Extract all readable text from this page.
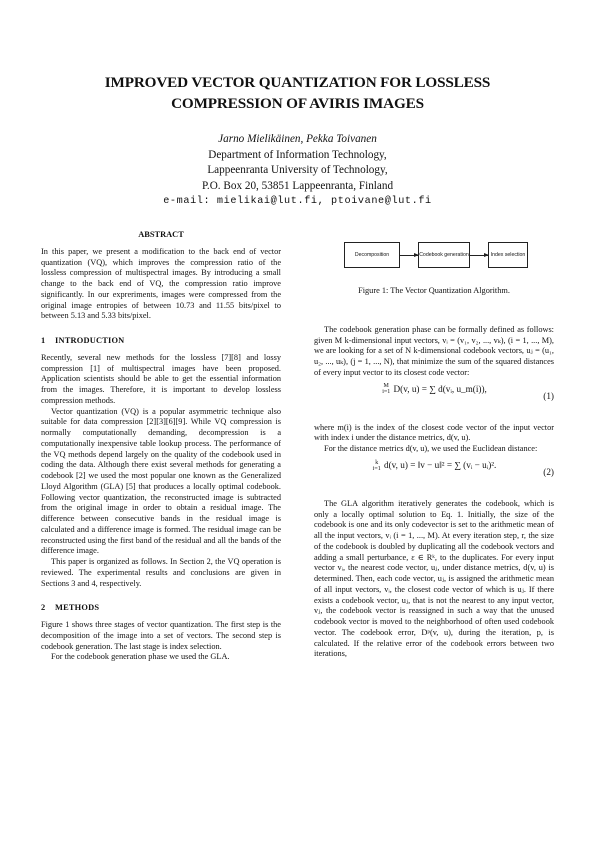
IMPROVED VECTOR QUANTIZATION FOR LOSSLESS
COMPRESSION OF AVIRIS IMAGES
Jarno Mielikäinen, Pekka Toivanen
Department of Information Technology,
Lappeenranta University of Technology,
P.O. Box 20, 53851 Lappeenranta, Finland
e-mail: mielikai@lut.fi, ptoivane@lut.fi
ABSTRACT

In this paper, we present a modification to the back end of vector quantization (VQ), which improves the compression ratio of the lossless compression of multispectral images. By introducing a small change to the back end of VQ, the compression ratio improve significantly. In our expreriments, images were compressed from the original image entropies of between 10.73 and 11.55 bits/pixel to between 5.13 and 5.33 bits/pixel.

1 INTRODUCTION

Recently, several new methods for the lossless [7][8] and lossy compression [1] of multispectral images have been proposed. Application scientists should be able to get the essential information from the images. Therefore, it is important to develop lossless compression methods.

Vector quantization (VQ) is a popular asymmetric technique also suitable for data compression [2][3][6][9]. While VQ compression is normally computationally demanding, decompression is a computationally inexpensive table lookup process. The performance of the VQ methods depend largely on the quality of the codebook used in coding the data. Although there exist several methods for generating a codebook [2] we used the most popular one known as the Generalized Lloyd Algorithm (GLA) [5] that produces a locally optimal codebook. Following vector quantization, the reconstructed image is subtracted from the original image in order to obtain a residual image. The difference between consecutive bands in the residual image is calculated and a difference image is formed. The residual image can be reconstructed using the first band of the residual and all the bands of the difference image.

This paper is organized as follows. In Section 2, the VQ operation is reviewed. The experimental results and conclusions are given in Sections 3 and 4, respectively.

2 METHODS

Figure 1 shows three stages of vector quantization. The first step is the decomposition of the image into a set of vectors. The second step is codebook generation. The last stage is index selection.

For the codebook generation phase we used the GLA.

Decomposition	Codebook generation	Index selection
Figure 1: The Vector Quantization Algorithm.

The codebook generation phase can be formally defined as follows: given M k-dimensional input vectors, vᵢ = (v₁, v₂, ..., vₖ), (i = 1, ..., M), we are looking for a set of N k-dimensional codebook vectors, uⱼ = (u₁, u₂, ..., uₖ), (j = 1, ..., N), that minimize the sum of the squared distances of every input vector to its closest code vector:

M
i=1 D(v, u) = ∑ d(vᵢ, u_m(i)),
(1)

where m(i) is the index of the closest code vector of the input vector with index i under the distance metrics, d(v, u).

For the distance metrics d(v, u), we used the Euclidean distance:

k
i=1 d(v, u) = ‖v − u‖² = ∑ (vᵢ − uᵢ)².
(2)

The GLA algorithm iteratively generates the codebook, which is only a locally optimal solution to Eq. 1. Initially, the size of the codebook is one and its only codevector is set to the arithmetic mean of all the input vectors, vᵢ (i = 1, ..., M). At every iteration step, r, the size of the codebook is doubled by duplicating all the codebook vectors and adding a small perturbance, ε ∈ Rᵏ, to the duplicates. For every input vector vᵢ, the nearest code vector, uⱼ, under distance metrics, d(v, u) is determined. Then, each code vector, uⱼ, is assigned the arithmetic mean of all input vectors, vᵢ, the closest code vector of which is uⱼ. If there exists a codebook vector, uⱼ, that is not the nearest to any input vector, vⱼ, the codebook vector is reassigned in such a way that the unused codebook vector is moved to the neighborhood of often used codebook vector. The codebook error, Dᵖ(v, u), during the iteration, p, is calculated. If the relative error of the codebook errors between two iterations,
